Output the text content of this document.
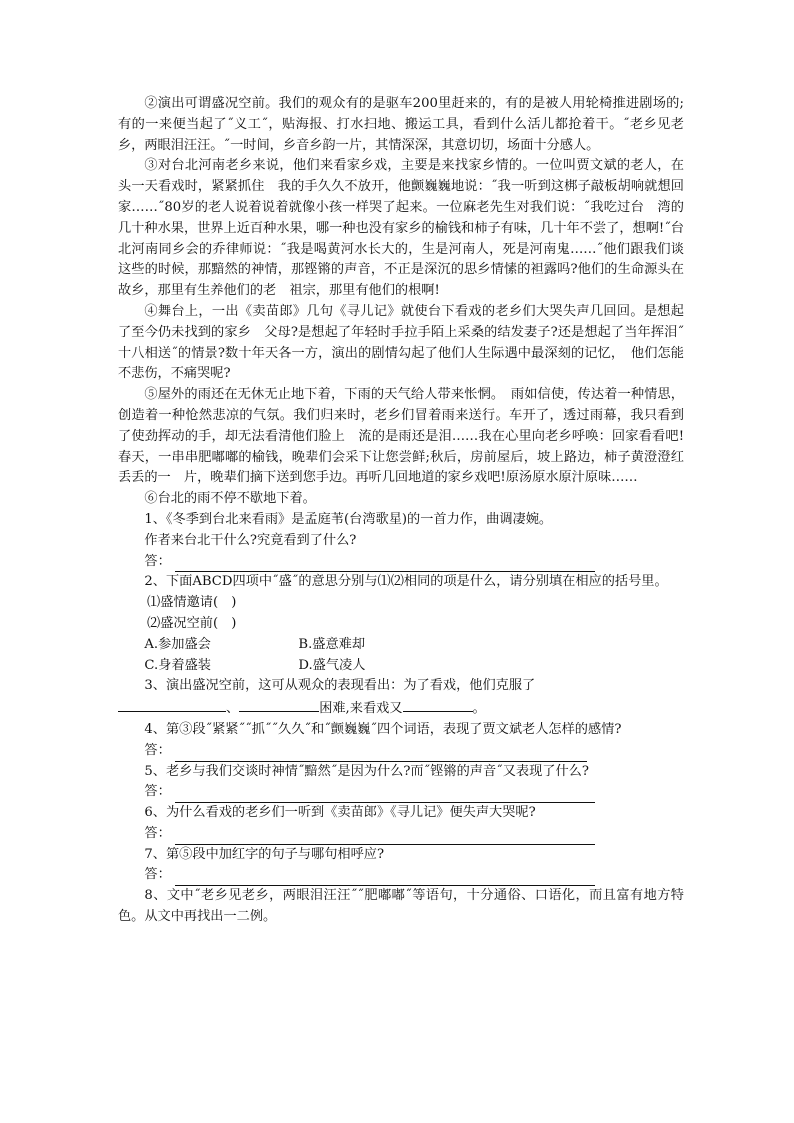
②演出可谓盛况空前。我们的观众有的是驱车200里赶来的，有的是被人用轮椅推进剧场的;有的一来便当起了˝义工˝，贴海报、打水扫地、搬运工具，看到什么活儿都抢着干。˝老乡见老乡，两眼泪汪汪。˝一时间，乡音乡韵一片，其情深深，其意切切，场面十分感人。

③对台北河南老乡来说，他们来看家乡戏，主要是来找家乡情的。一位叫贾文斌的老人，在头一天看戏时，紧紧抓住　我的手久久不放开，他颤巍巍地说：˝我一听到这梆子敲板胡响就想回家……˝80岁的老人说着说着就像小孩一样哭了起来。一位麻老先生对我们说：˝我吃过台　湾的几十种水果，世界上近百种水果，哪一种也没有家乡的榆钱和柿子有味，几十年不尝了，想啊!˝台北河南同乡会的乔律师说：˝我是喝黄河水长大的，生是河南人，死是河南鬼……˝他们跟我们谈这些的时候，那黯然的神情，那铿锵的声音，不正是深沉的思乡情愫的袒露吗?他们的生命源头在故乡，那里有生养他们的老　祖宗，那里有他们的根啊!

④舞台上，一出《卖苗郎》几句《寻儿记》就使台下看戏的老乡们大哭失声几回回。是想起了至今仍未找到的家乡　父母?是想起了年轻时手拉手陌上采桑的结发妻子?还是想起了当年挥泪˝十八相送˝的情景?数十年天各一方，演出的剧情勾起了他们人生际遇中最深刻的记忆，　他们怎能不悲伤，不痛哭呢?

⑤屋外的雨还在无休无止地下着，下雨的天气给人带来怅惘。　雨如信使，传达着一种情思，创造着一种怆然悲凉的气氛。我们归来时，老乡们冒着雨来送行。车开了，透过雨幕，我只看到了使劲挥动的手，却无法看清他们脸上　流的是雨还是泪……我在心里向老乡呼唤：回家看看吧!春天，一串串肥嘟嘟的榆钱，晚辈们会采下让您尝鲜;秋后，房前屋后，坡上路边，柿子黄澄澄红丢丢的一　片，晚辈们摘下送到您手边。再听几回地道的家乡戏吧!原汤原水原汁原味……

⑥台北的雨不停不歇地下着。

1、《冬季到台北来看雨》是孟庭苇(台湾歌星)的一首力作，曲调凄婉。

作者来台北干什么?究竟看到了什么?

答：

2、下面ABCD四项中˝盛˝的意思分别与⑴⑵相同的项是什么，请分别填在相应的括号里。

⑴盛情邀请(　)

⑵盛况空前(　)

A.参加盛会	B.盛意难却

C.身着盛装	D.盛气凌人

3、演出盛况空前，这可从观众的表现看出：为了看戏，他们克服了

、	困难,来看戏又	。

4、第③段˝紧紧˝˝抓˝˝久久˝和˝颤巍巍˝四个词语，表现了贾文斌老人怎样的感情?

答：

5、老乡与我们交谈时神情˝黯然˝是因为什么?而˝铿锵的声音˝又表现了什么?

答：

6、为什么看戏的老乡们一听到《卖苗郎》《寻儿记》便失声大哭呢?

答：

7、第⑤段中加红字的句子与哪句相呼应?

答：

8、文中˝老乡见老乡，两眼泪汪汪˝˝肥嘟嘟˝等语句，十分通俗、口语化，而且富有地方特色。从文中再找出一二例。
